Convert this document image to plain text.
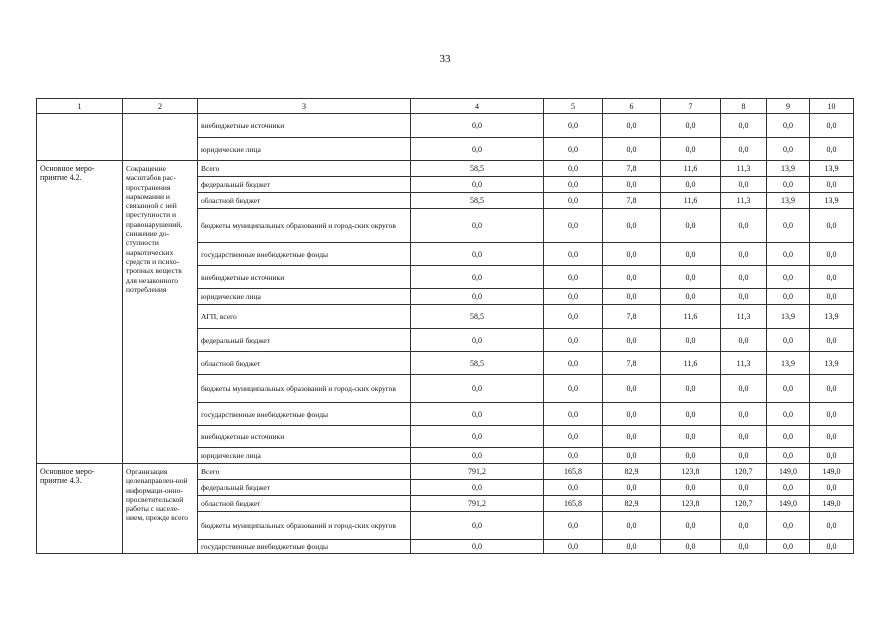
33
1	2	3	4	5	6	7	8	9	10
		внебюджетные источники	0,0	0,0	0,0	0,0	0,0	0,0	0,0
		юридические лица	0,0	0,0	0,0	0,0	0,0	0,0	0,0
Основное меро-приятие 4.2.	Сокращение масштабов рас-пространения наркомании и связанной с ней преступности и правонарушений, снижение до-ступности наркотических средств и психо-тропных веществ для незаконного потребления	Всего	58,5	0,0	7,8	11,6	11,3	13,9	13,9
		федеральный бюджет	0,0	0,0	0,0	0,0	0,0	0,0	0,0
		областной бюджет	58,5	0,0	7,8	11,6	11,3	13,9	13,9
		бюджеты муниципальных образований и город-ских округов	0,0	0,0	0,0	0,0	0,0	0,0	0,0
		государственные внебюджетные фонды	0,0	0,0	0,0	0,0	0,0	0,0	0,0
		внебюджетные источники	0,0	0,0	0,0	0,0	0,0	0,0	0,0
		юридические лица	0,0	0,0	0,0	0,0	0,0	0,0	0,0
		АГП, всего	58,5	0,0	7,8	11,6	11,3	13,9	13,9
		федеральный бюджет	0,0	0,0	0,0	0,0	0,0	0,0	0,0
		областной бюджет	58,5	0,0	7,8	11,6	11,3	13,9	13,9
		бюджеты муниципальных образований и город-ских округов	0,0	0,0	0,0	0,0	0,0	0,0	0,0
		государственные внебюджетные фонды	0,0	0,0	0,0	0,0	0,0	0,0	0,0
		внебюджетные источники	0,0	0,0	0,0	0,0	0,0	0,0	0,0
		юридические лица	0,0	0,0	0,0	0,0	0,0	0,0	0,0
Основное меро-приятие 4.3.	Организация целенаправлен-ной информаци-онно-просветительской работы с населе-нием, прежде всего	Всего	791,2	165,8	82,9	123,8	120,7	149,0	149,0
		федеральный бюджет	0,0	0,0	0,0	0,0	0,0	0,0	0,0
		областной бюджет	791,2	165,8	82,9	123,8	120,7	149,0	149,0
		бюджеты муниципальных образований и город-ских округов	0,0	0,0	0,0	0,0	0,0	0,0	0,0
		государственные внебюджетные фонды	0,0	0,0	0,0	0,0	0,0	0,0	0,0
